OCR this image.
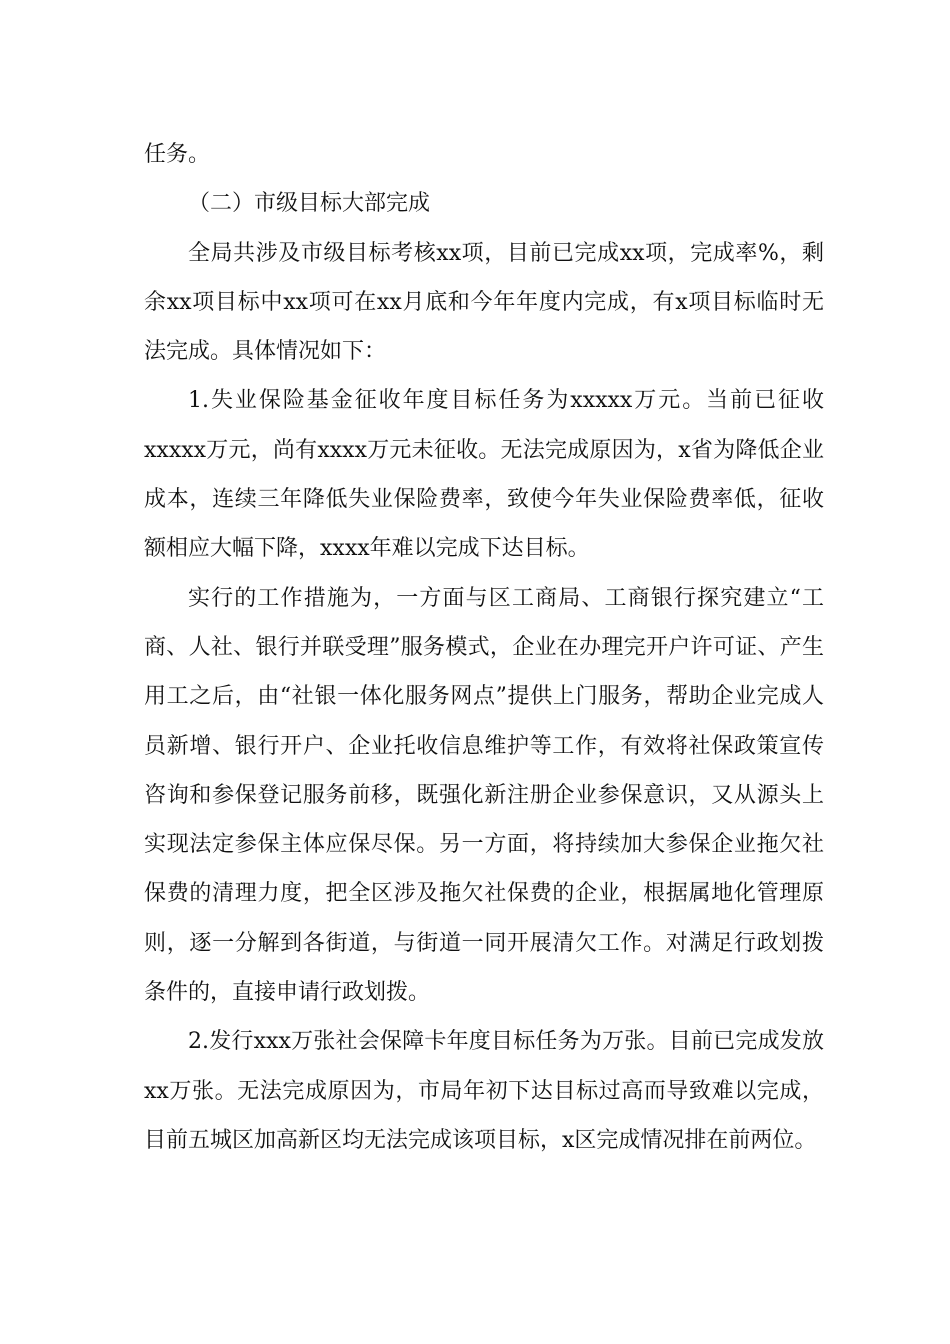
任务。

（二）市级目标大部完成

全局共涉及市级目标考核xx项，目前已完成xx项，完成率%，剩余xx项目标中xx项可在xx月底和今年年度内完成，有x项目标临时无法完成。具体情况如下：

1.失业保险基金征收年度目标任务为xxxxx万元。当前已征收xxxxx万元，尚有xxxx万元未征收。无法完成原因为，x省为降低企业成本，连续三年降低失业保险费率，致使今年失业保险费率低，征收额相应大幅下降，xxxx年难以完成下达目标。

实行的工作措施为，一方面与区工商局、工商银行探究建立“工商、人社、银行并联受理”服务模式，企业在办理完开户许可证、产生用工之后，由“社银一体化服务网点”提供上门服务，帮助企业完成人员新增、银行开户、企业托收信息维护等工作，有效将社保政策宣传咨询和参保登记服务前移，既强化新注册企业参保意识，又从源头上实现法定参保主体应保尽保。另一方面，将持续加大参保企业拖欠社保费的清理力度，把全区涉及拖欠社保费的企业，根据属地化管理原则，逐一分解到各街道，与街道一同开展清欠工作。对满足行政划拨条件的，直接申请行政划拨。

2.发行xxx万张社会保障卡年度目标任务为万张。目前已完成发放xx万张。无法完成原因为，市局年初下达目标过高而导致难以完成，目前五城区加高新区均无法完成该项目标，x区完成情况排在前两位。
